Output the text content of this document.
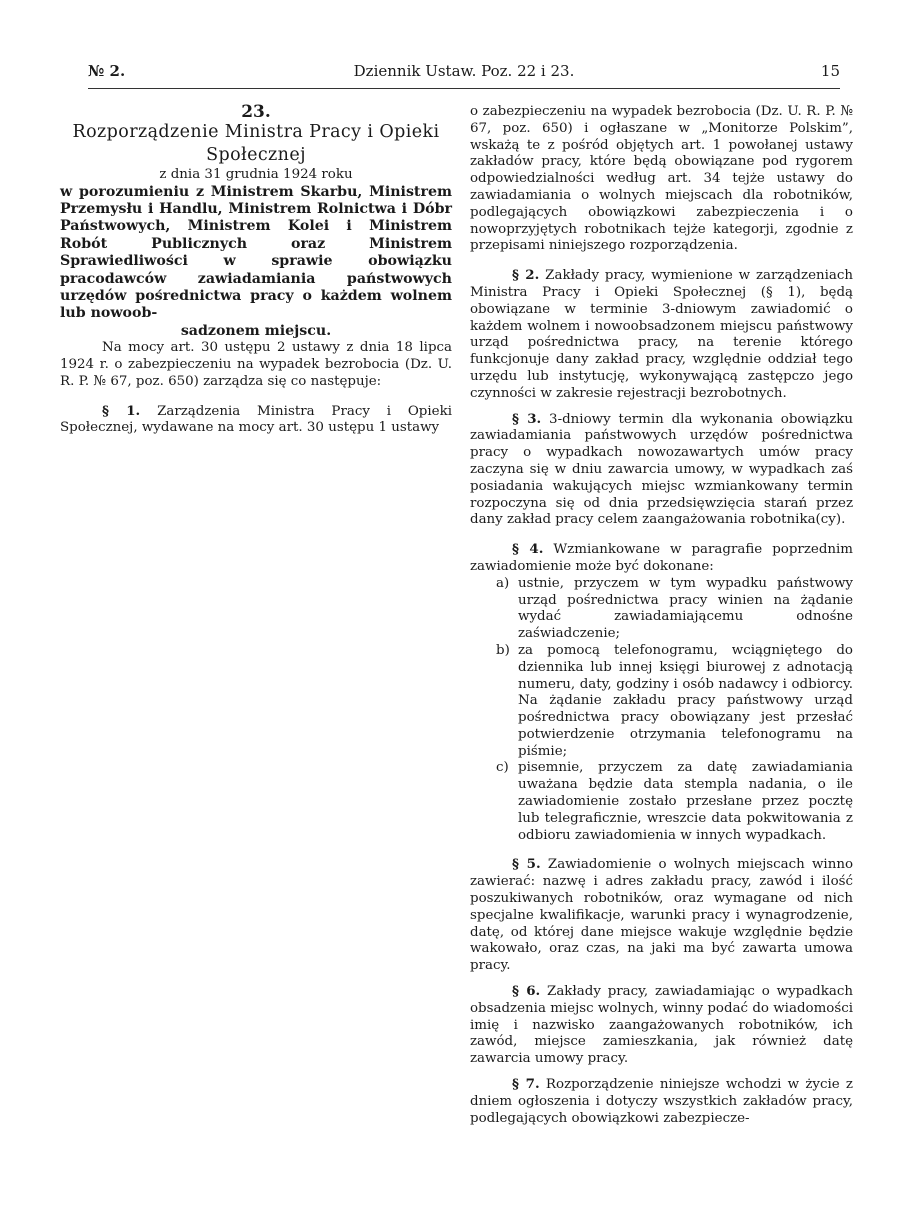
№ 2.	Dziennik Ustaw. Poz. 22 i 23.	15

23.

Rozporządzenie Ministra Pracy i Opieki Społecznej

z dnia 31 grudnia 1924 roku

w porozumieniu z Ministrem Skarbu, Ministrem Przemysłu i Handlu, Ministrem Rolnictwa i Dóbr Państwowych, Ministrem Kolei i Ministrem Robót Publicznych oraz Ministrem Sprawiedliwości w sprawie obowiązku pracodawców zawiadamiania państwowych urzędów pośrednictwa pracy o każdem wolnem lub nowoob-
sadzonem miejscu.

Na mocy art. 30 ustępu 2 ustawy z dnia 18 lipca 1924 r. o zabezpieczeniu na wypadek bezrobocia (Dz. U. R. P. № 67, poz. 650) zarządza się co następuje:

§ 1. Zarządzenia Ministra Pracy i Opieki Społecznej, wydawane na mocy art. 30 ustępu 1 ustawy

o zabezpieczeniu na wypadek bezrobocia (Dz. U. R. P. № 67, poz. 650) i ogłaszane w „Monitorze Polskim”, wskażą te z pośród objętych art. 1 powołanej ustawy zakładów pracy, które będą obowiązane pod rygorem odpowiedzialności według art. 34 tejże ustawy do zawiadamiania o wolnych miejscach dla robotników, podlegających obowiązkowi zabezpieczenia i o nowoprzyjętych robotnikach tejże kategorji, zgodnie z przepisami niniejszego rozporządzenia.

§ 2. Zakłady pracy, wymienione w zarządzeniach Ministra Pracy i Opieki Społecznej (§ 1), będą obowiązane w terminie 3-dniowym zawiadomić o każdem wolnem i nowoobsadzonem miejscu państwowy urząd pośrednictwa pracy, na terenie którego funkcjonuje dany zakład pracy, względnie oddział tego urzędu lub instytucję, wykonywającą zastępczo jego czynności w zakresie rejestracji bezrobotnych.

§ 3. 3-dniowy termin dla wykonania obowiązku zawiadamiania państwowych urzędów pośrednictwa pracy o wypadkach nowozawartych umów pracy zaczyna się w dniu zawarcia umowy, w wypadkach zaś posiadania wakujących miejsc wzmiankowany termin rozpoczyna się od dnia przedsięwzięcia starań przez dany zakład pracy celem zaangażowania robotnika(cy).

§ 4. Wzmiankowane w paragrafie poprzednim zawiadomienie może być dokonane:

a) ustnie, przyczem w tym wypadku państwowy urząd pośrednictwa pracy winien na żądanie wydać zawiadamiającemu odnośne zaświadczenie;
b) za pomocą telefonogramu, wciągniętego do dziennika lub innej księgi biurowej z adnotacją numeru, daty, godziny i osób nadawcy i odbiorcy. Na żądanie zakładu pracy państwowy urząd pośrednictwa pracy obowiązany jest przesłać potwierdzenie otrzymania telefonogramu na piśmie;
c) pisemnie, przyczem za datę zawiadamiania uważana będzie data stempla nadania, o ile zawiadomienie zostało przesłane przez pocztę lub telegraficznie, wreszcie data pokwitowania z odbioru zawiadomienia w innych wypadkach.

§ 5. Zawiadomienie o wolnych miejscach winno zawierać: nazwę i adres zakładu pracy, zawód i ilość poszukiwanych robotników, oraz wymagane od nich specjalne kwalifikacje, warunki pracy i wynagrodzenie, datę, od której dane miejsce wakuje względnie będzie wakowało, oraz czas, na jaki ma być zawarta umowa pracy.

§ 6. Zakłady pracy, zawiadamiając o wypadkach obsadzenia miejsc wolnych, winny podać do wiadomości imię i nazwisko zaangażowanych robotników, ich zawód, miejsce zamieszkania, jak również datę zawarcia umowy pracy.

§ 7. Rozporządzenie niniejsze wchodzi w życie z dniem ogłoszenia i dotyczy wszystkich zakładów pracy, podlegających obowiązkowi zabezpiecze-
